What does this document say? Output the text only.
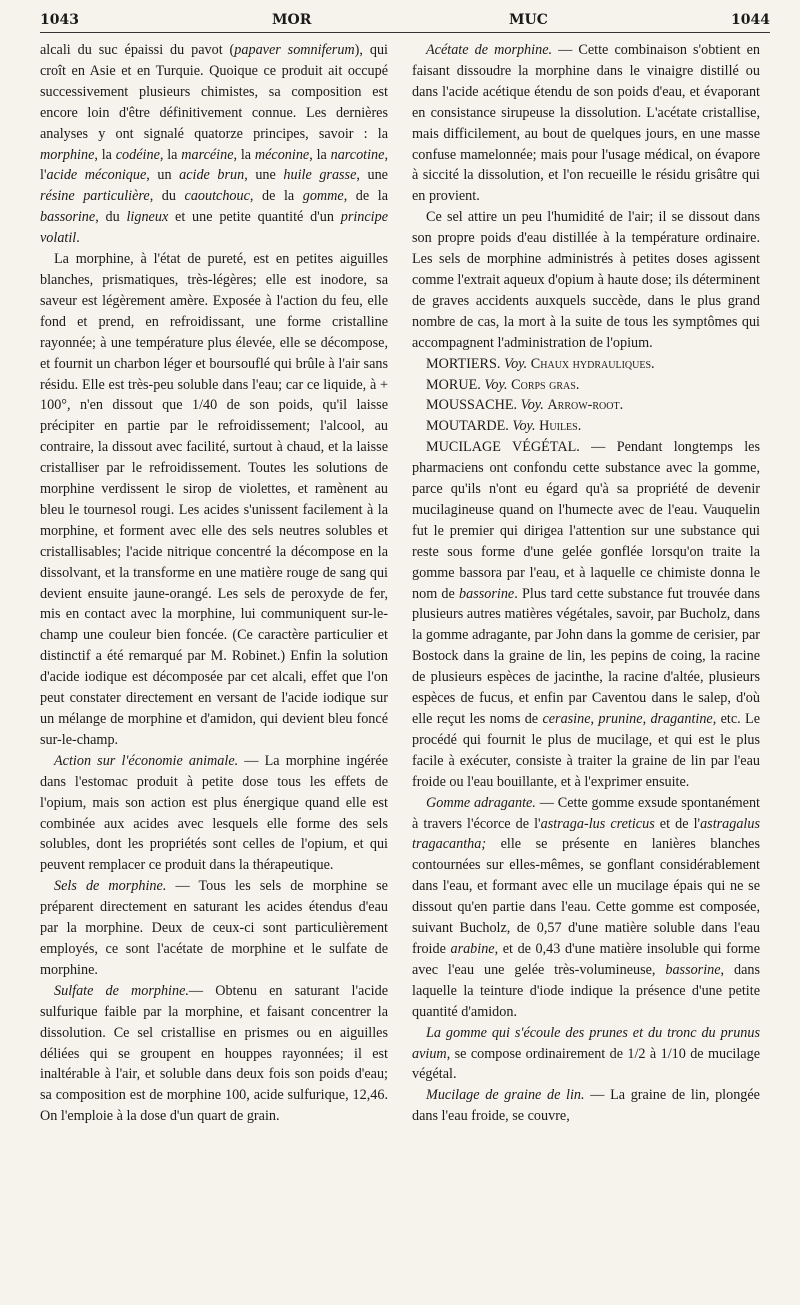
1043	MOR	MUC	1044

alcali du suc épaissi du pavot (papaver somniferum), qui croît en Asie et en Turquie. Quoique ce produit ait occupé successivement plusieurs chimistes, sa composition est encore loin d'être définitivement connue. Les dernières analyses y ont signalé quatorze principes, savoir : la morphine, la codéine, la marcéine, la méconine, la narcotine, l'acide méconique, un acide brun, une huile grasse, une résine particulière, du caoutchouc, de la gomme, de la bassorine, du ligneux et une petite quantité d'un principe volatil.

La morphine, à l'état de pureté, est en petites aiguilles blanches, prismatiques, très-légères; elle est inodore, sa saveur est légèrement amère. Exposée à l'action du feu, elle fond et prend, en refroidissant, une forme cristalline rayonnée; à une température plus élevée, elle se décompose, et fournit un charbon léger et boursouflé qui brûle à l'air sans résidu. Elle est très-peu soluble dans l'eau; car ce liquide, à + 100°, n'en dissout que 1/40 de son poids, qu'il laisse précipiter en partie par le refroidissement; l'alcool, au contraire, la dissout avec facilité, surtout à chaud, et la laisse cristalliser par le refroidissement. Toutes les solutions de morphine verdissent le sirop de violettes, et ramènent au bleu le tournesol rougi. Les acides s'unissent facilement à la morphine, et forment avec elle des sels neutres solubles et cristallisables; l'acide nitrique concentré la décompose en la dissolvant, et la transforme en une matière rouge de sang qui devient ensuite jaune-orangé. Les sels de peroxyde de fer, mis en contact avec la morphine, lui communiquent sur-le-champ une couleur bien foncée. (Ce caractère particulier et distinctif a été remarqué par M. Robinet.) Enfin la solution d'acide iodique est décomposée par cet alcali, effet que l'on peut constater directement en versant de l'acide iodique sur un mélange de morphine et d'amidon, qui devient bleu foncé sur-le-champ.

Action sur l'économie animale. — La morphine ingérée dans l'estomac produit à petite dose tous les effets de l'opium, mais son action est plus énergique quand elle est combinée aux acides avec lesquels elle forme des sels solubles, dont les propriétés sont celles de l'opium, et qui peuvent remplacer ce produit dans la thérapeutique.

Sels de morphine. — Tous les sels de morphine se préparent directement en saturant les acides étendus d'eau par la morphine. Deux de ceux-ci sont particulièrement employés, ce sont l'acétate de morphine et le sulfate de morphine.

Sulfate de morphine.— Obtenu en saturant l'acide sulfurique faible par la morphine, et faisant concentrer la dissolution. Ce sel cristallise en prismes ou en aiguilles déliées qui se groupent en houppes rayonnées; il est inaltérable à l'air, et soluble dans deux fois son poids d'eau; sa composition est de morphine 100, acide sulfurique, 12,46. On l'emploie à la dose d'un quart de grain.

Acétate de morphine. — Cette combinaison s'obtient en faisant dissoudre la morphine dans le vinaigre distillé ou dans l'acide acétique étendu de son poids d'eau, et évaporant en consistance sirupeuse la dissolution. L'acétate cristallise, mais difficilement, au bout de quelques jours, en une masse confuse mamelonnée; mais pour l'usage médical, on évapore à siccité la dissolution, et l'on recueille le résidu grisâtre qui en provient.

Ce sel attire un peu l'humidité de l'air; il se dissout dans son propre poids d'eau distillée à la température ordinaire. Les sels de morphine administrés à petites doses agissent comme l'extrait aqueux d'opium à haute dose; ils déterminent de graves accidents auxquels succède, dans le plus grand nombre de cas, la mort à la suite de tous les symptômes qui accompagnent l'administration de l'opium.

MORTIERS. Voy. Chaux hydrauliques.

MORUE. Voy. Corps gras.

MOUSSACHE. Voy. Arrow-root.

MOUTARDE. Voy. Huiles.

MUCILAGE VÉGÉTAL. — Pendant longtemps les pharmaciens ont confondu cette substance avec la gomme, parce qu'ils n'ont eu égard qu'à sa propriété de devenir mucilagineuse quand on l'humecte avec de l'eau. Vauquelin fut le premier qui dirigea l'attention sur une substance qui reste sous forme d'une gelée gonflée lorsqu'on traite la gomme bassora par l'eau, et à laquelle ce chimiste donna le nom de bassorine. Plus tard cette substance fut trouvée dans plusieurs autres matières végétales, savoir, par Bucholz, dans la gomme adragante, par John dans la gomme de cerisier, par Bostock dans la graine de lin, les pepins de coing, la racine de plusieurs espèces de jacinthe, la racine d'altée, plusieurs espèces de fucus, et enfin par Caventou dans le salep, d'où elle reçut les noms de cerasine, prunine, dragantine, etc. Le procédé qui fournit le plus de mucilage, et qui est le plus facile à exécuter, consiste à traiter la graine de lin par l'eau froide ou l'eau bouillante, et à l'exprimer ensuite.

Gomme adragante. — Cette gomme exsude spontanément à travers l'écorce de l'astraga-lus creticus et de l'astragalus tragacantha; elle se présente en lanières blanches contournées sur elles-mêmes, se gonflant considérablement dans l'eau, et formant avec elle un mucilage épais qui ne se dissout qu'en partie dans l'eau. Cette gomme est composée, suivant Bucholz, de 0,57 d'une matière soluble dans l'eau froide arabine, et de 0,43 d'une matière insoluble qui forme avec l'eau une gelée très-volumineuse, bassorine, dans laquelle la teinture d'iode indique la présence d'une petite quantité d'amidon.

La gomme qui s'écoule des prunes et du tronc du prunus avium, se compose ordinairement de 1/2 à 1/10 de mucilage végétal.

Mucilage de graine de lin. — La graine de lin, plongée dans l'eau froide, se couvre,
